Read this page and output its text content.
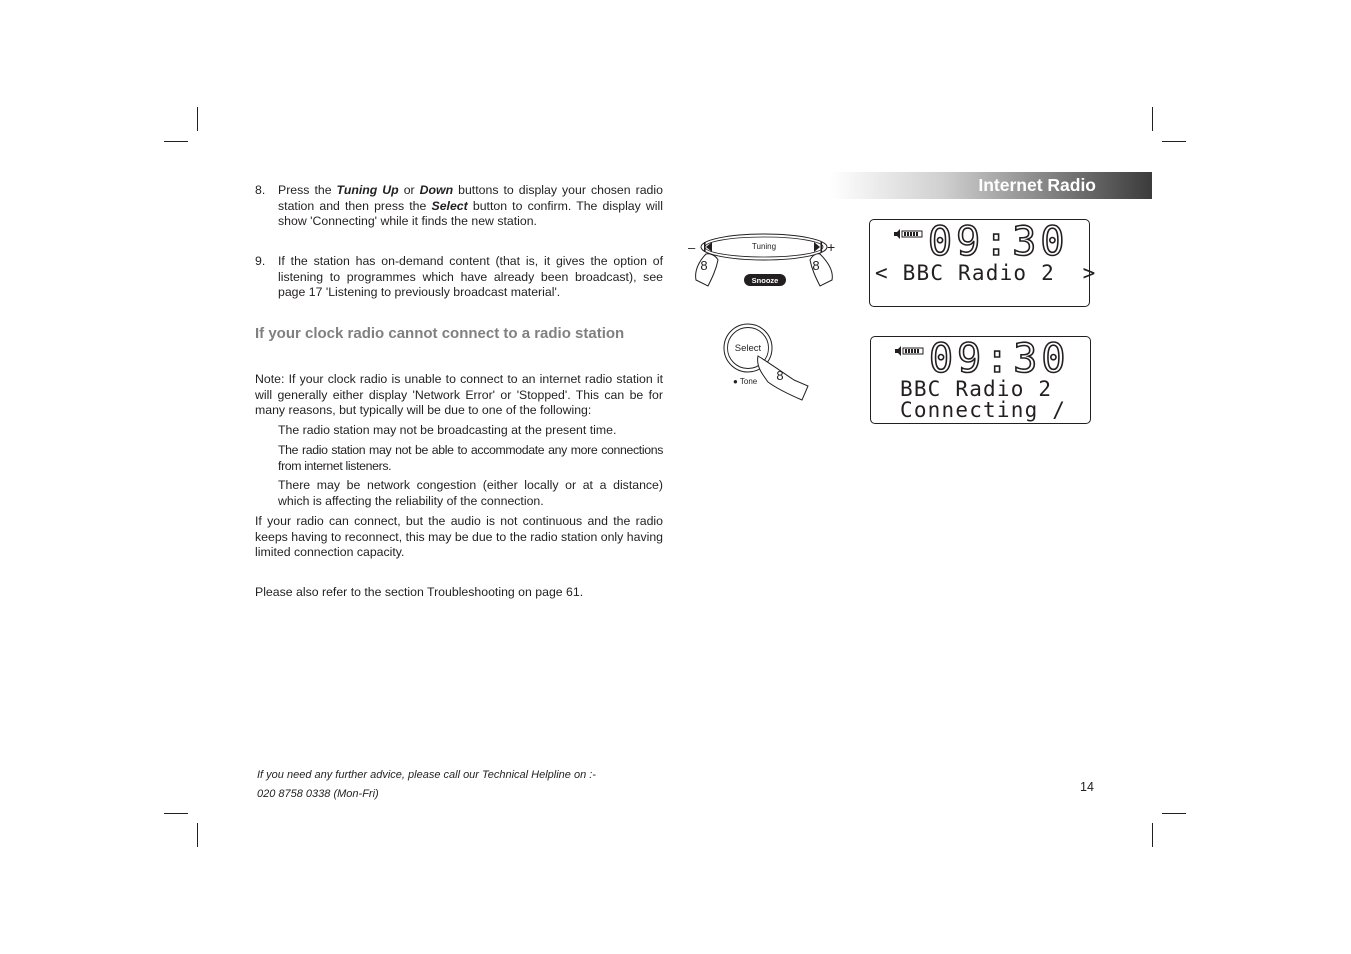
Internet Radio
8. Press the Tuning Up or Down buttons to display your chosen radio station and then press the Select button to confirm. The display will show 'Connecting' while it finds the new station.
9. If the station has on-demand content (that is, it gives the option of listening to programmes which have already been broadcast), see page 17 'Listening to previously broadcast material'.
If your clock radio cannot connect to a radio station
Note: If your clock radio is unable to connect to an internet radio station it will generally either display 'Network Error' or 'Stopped'. This can be for many reasons, but typically will be due to one of the following:
The radio station may not be broadcasting at the present time.
The radio station may not be able to accommodate any more connections from internet listeners.
There may be network congestion (either locally or at a distance) which is affecting the reliability of the connection.
If your radio can connect, but the audio is not continuous and the radio keeps having to reconnect, this may be due to the radio station only having limited connection capacity.
Please also refer to the section Troubleshooting on page 61.
–	+
Tuning
Snooze
8	8
Select
● Tone 8
09:30
< BBC Radio 2  >
09:30
BBC Radio 2
Connecting /
If you need any further advice, please call our Technical Helpline on :-
020 8758 0338 (Mon-Fri)	14
